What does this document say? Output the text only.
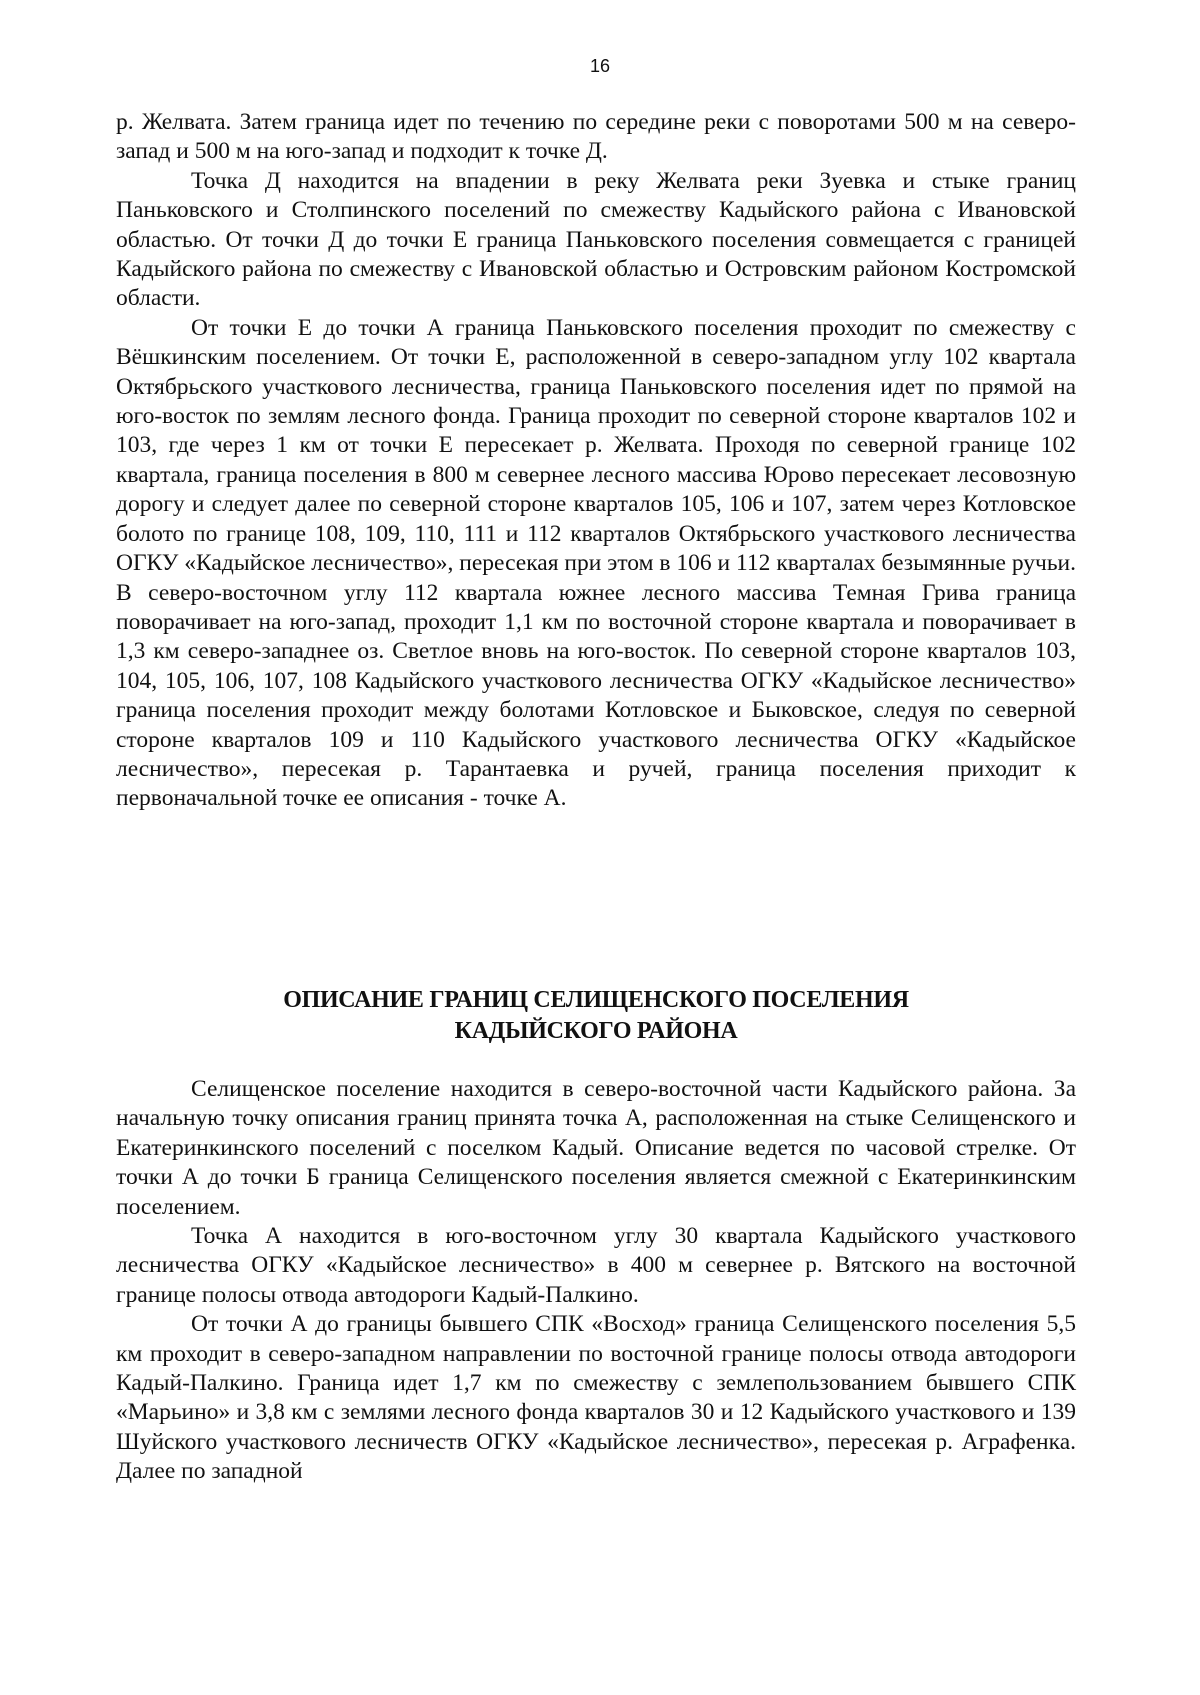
16

р. Желвата. Затем граница идет по течению по середине реки с поворотами 500 м на северо-запад и 500 м на юго-запад и подходит к точке Д.

Точка Д находится на впадении в реку Желвата реки Зуевка и стыке границ Паньковского и Столпинского поселений по смежеству Кадыйского района с Ивановской областью. От точки Д до точки Е граница Паньковского поселения совмещается с границей Кадыйского района по смежеству с Ивановской областью и Островским районом Костромской области.

От точки Е до точки А граница Паньковского поселения проходит по смежеству с Вёшкинским поселением. От точки Е, расположенной в северо-западном углу 102 квартала Октябрьского участкового лесничества, граница Паньковского поселения идет по прямой на юго-восток по землям лесного фонда. Граница проходит по северной стороне кварталов 102 и 103, где через 1 км от точки Е пересекает р. Желвата. Проходя по северной границе 102 квартала, граница поселения в 800 м севернее лесного массива Юрово пересекает лесовозную дорогу и следует далее по северной стороне кварталов 105, 106 и 107, затем через Котловское болото по границе 108, 109, 110, 111 и 112 кварталов Октябрьского участкового лесничества ОГКУ «Кадыйское лесничество», пересекая при этом в 106 и 112 кварталах безымянные ручьи. В северо-восточном углу 112 квартала южнее лесного массива Темная Грива граница поворачивает на юго-запад, проходит 1,1 км по восточной стороне квартала и поворачивает в 1,3 км северо-западнее оз. Светлое вновь на юго-восток. По северной стороне кварталов 103, 104, 105, 106, 107, 108 Кадыйского участкового лесничества ОГКУ «Кадыйское лесничество» граница поселения проходит между болотами Котловское и Быковское, следуя по северной стороне кварталов 109 и 110 Кадыйского участкового лесничества ОГКУ «Кадыйское лесничество», пересекая р. Тарантаевка и ручей, граница поселения приходит к первоначальной точке ее описания - точке А.

ОПИСАНИЕ ГРАНИЦ СЕЛИЩЕНСКОГО ПОСЕЛЕНИЯ
КАДЫЙСКОГО РАЙОНА

Селищенское поселение находится в северо-восточной части Кадыйского района. За начальную точку описания границ принята точка А, расположенная на стыке Селищенского и Екатеринкинского поселений с поселком Кадый. Описание ведется по часовой стрелке. От точки А до точки Б граница Селищенского поселения является смежной с Екатеринкинским поселением.

Точка А находится в юго-восточном углу 30 квартала Кадыйского участкового лесничества ОГКУ «Кадыйское лесничество» в 400 м севернее р. Вятского на восточной границе полосы отвода автодороги Кадый-Палкино.

От точки А до границы бывшего СПК «Восход» граница Селищенского поселения 5,5 км проходит в северо-западном направлении по восточной границе полосы отвода автодороги Кадый-Палкино. Граница идет 1,7 км по смежеству с землепользованием бывшего СПК «Марьино» и 3,8 км с землями лесного фонда кварталов 30 и 12 Кадыйского участкового и 139 Шуйского участкового лесничеств ОГКУ «Кадыйское лесничество», пересекая р. Аграфенка. Далее по западной
